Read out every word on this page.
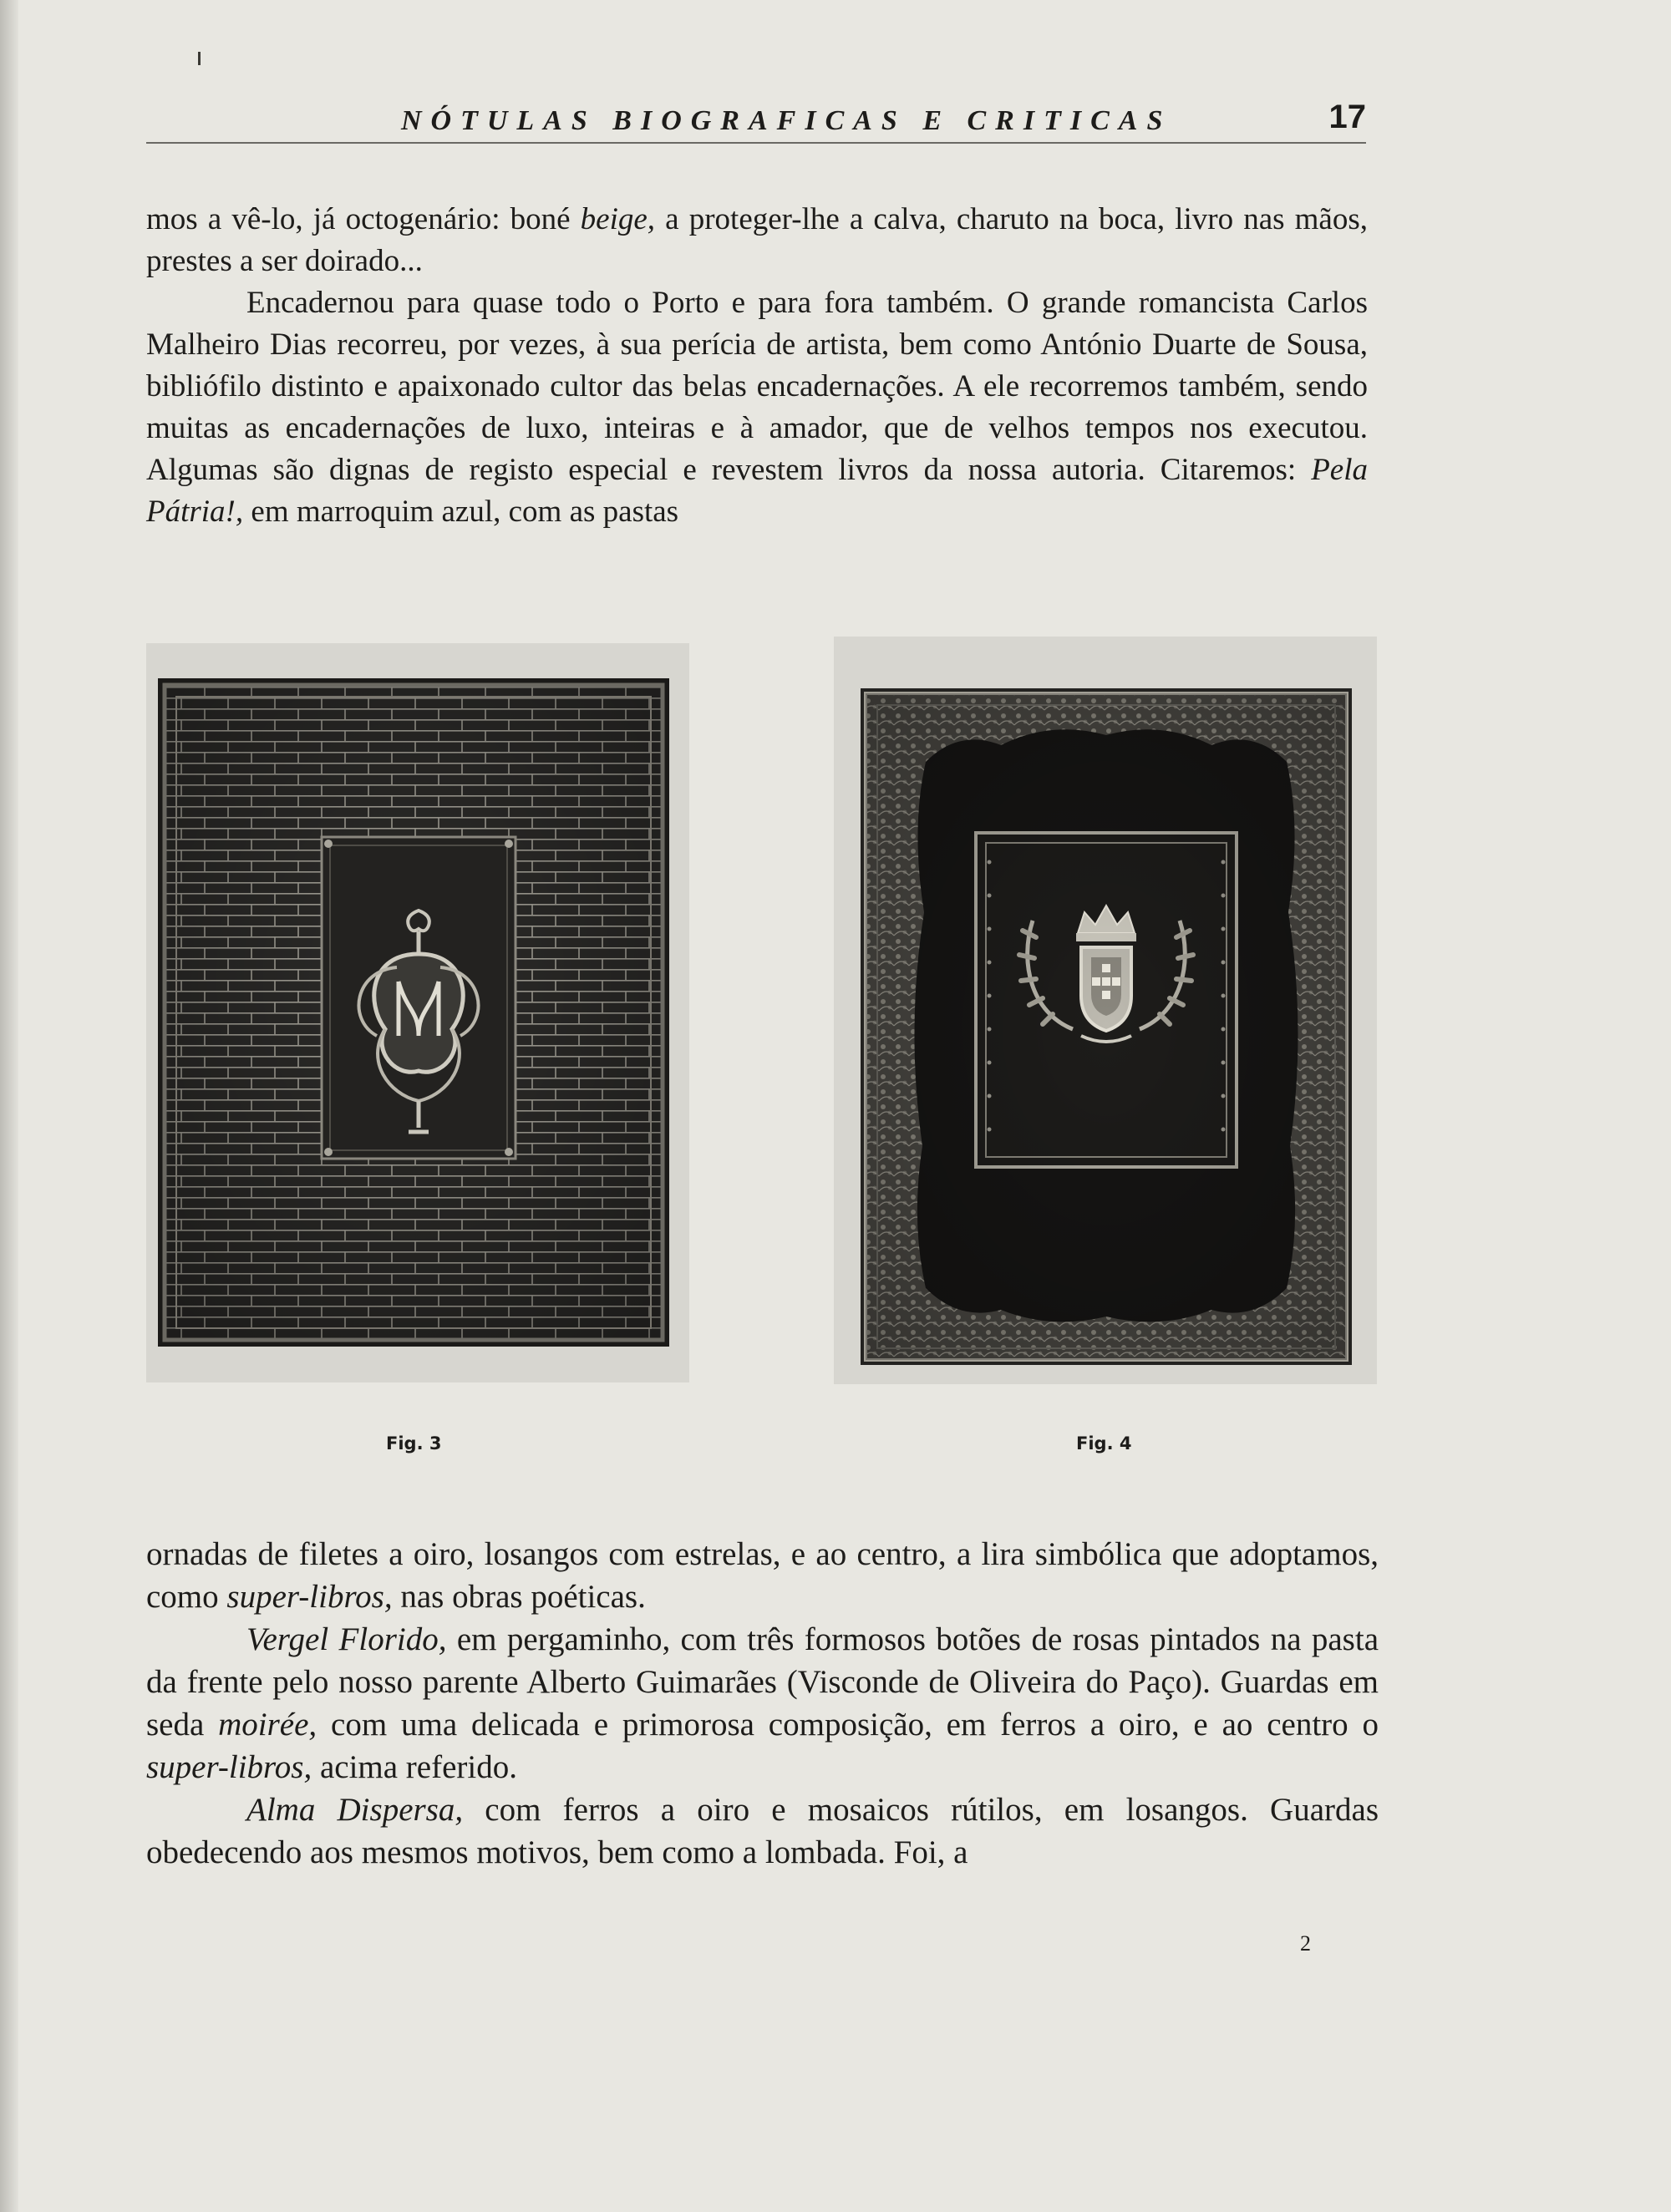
NÓTULAS BIOGRAFICAS E CRITICAS	17

mos a vê-lo, já octogenário: boné beige, a proteger-lhe a calva, charuto na boca, livro nas mãos, prestes a ser doirado...

Encadernou para quase todo o Porto e para fora também. O grande romancista Carlos Malheiro Dias recorreu, por vezes, à sua perícia de artista, bem como António Duarte de Sousa, bibliófilo distinto e apaixonado cultor das belas encadernações. A ele recorremos também, sendo muitas as encadernações de luxo, inteiras e à amador, que de velhos tempos nos executou. Algumas são dignas de registo especial e revestem livros da nossa autoria. Citaremos: Pela Pátria!, em marroquim azul, com as pastas

Fig. 3	Fig. 4

ornadas de filetes a oiro, losangos com estrelas, e ao centro, a lira simbólica que adoptamos, como super-libros, nas obras poéticas.

Vergel Florido, em pergaminho, com três formosos botões de rosas pintados na pasta da frente pelo nosso parente Alberto Guimarães (Visconde de Oliveira do Paço). Guardas em seda moirée, com uma delicada e primorosa composição, em ferros a oiro, e ao centro o super-libros, acima referido.

Alma Dispersa, com ferros a oiro e mosaicos rútilos, em losangos. Guardas obedecendo aos mesmos motivos, bem como a lombada. Foi, a

2
